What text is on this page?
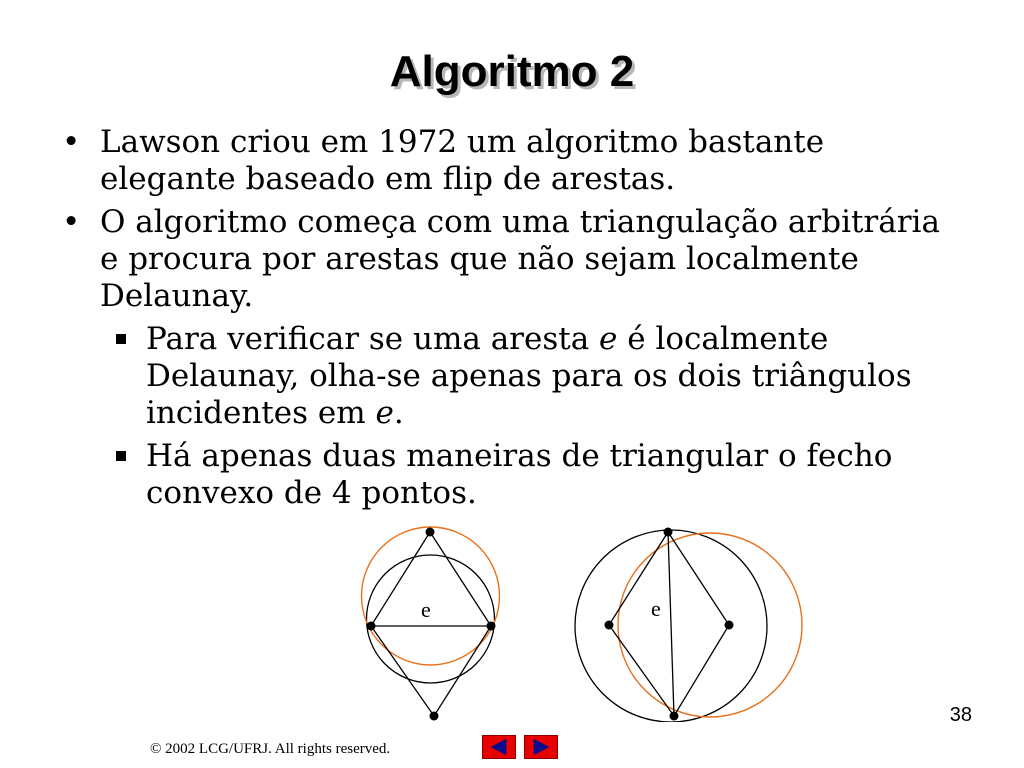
Algoritmo 2
• Lawson criou em 1972 um algoritmo bastante elegante baseado em flip de arestas.
• O algoritmo começa com uma triangulação arbitrária e procura por arestas que não sejam localmente Delaunay.
Para verificar se uma aresta e é localmente Delaunay, olha-se apenas para os dois triângulos incidentes em e.
Há apenas duas maneiras de triangular o fecho convexo de 4 pontos.
e	e
38
© 2002 LCG/UFRJ. All rights reserved.
